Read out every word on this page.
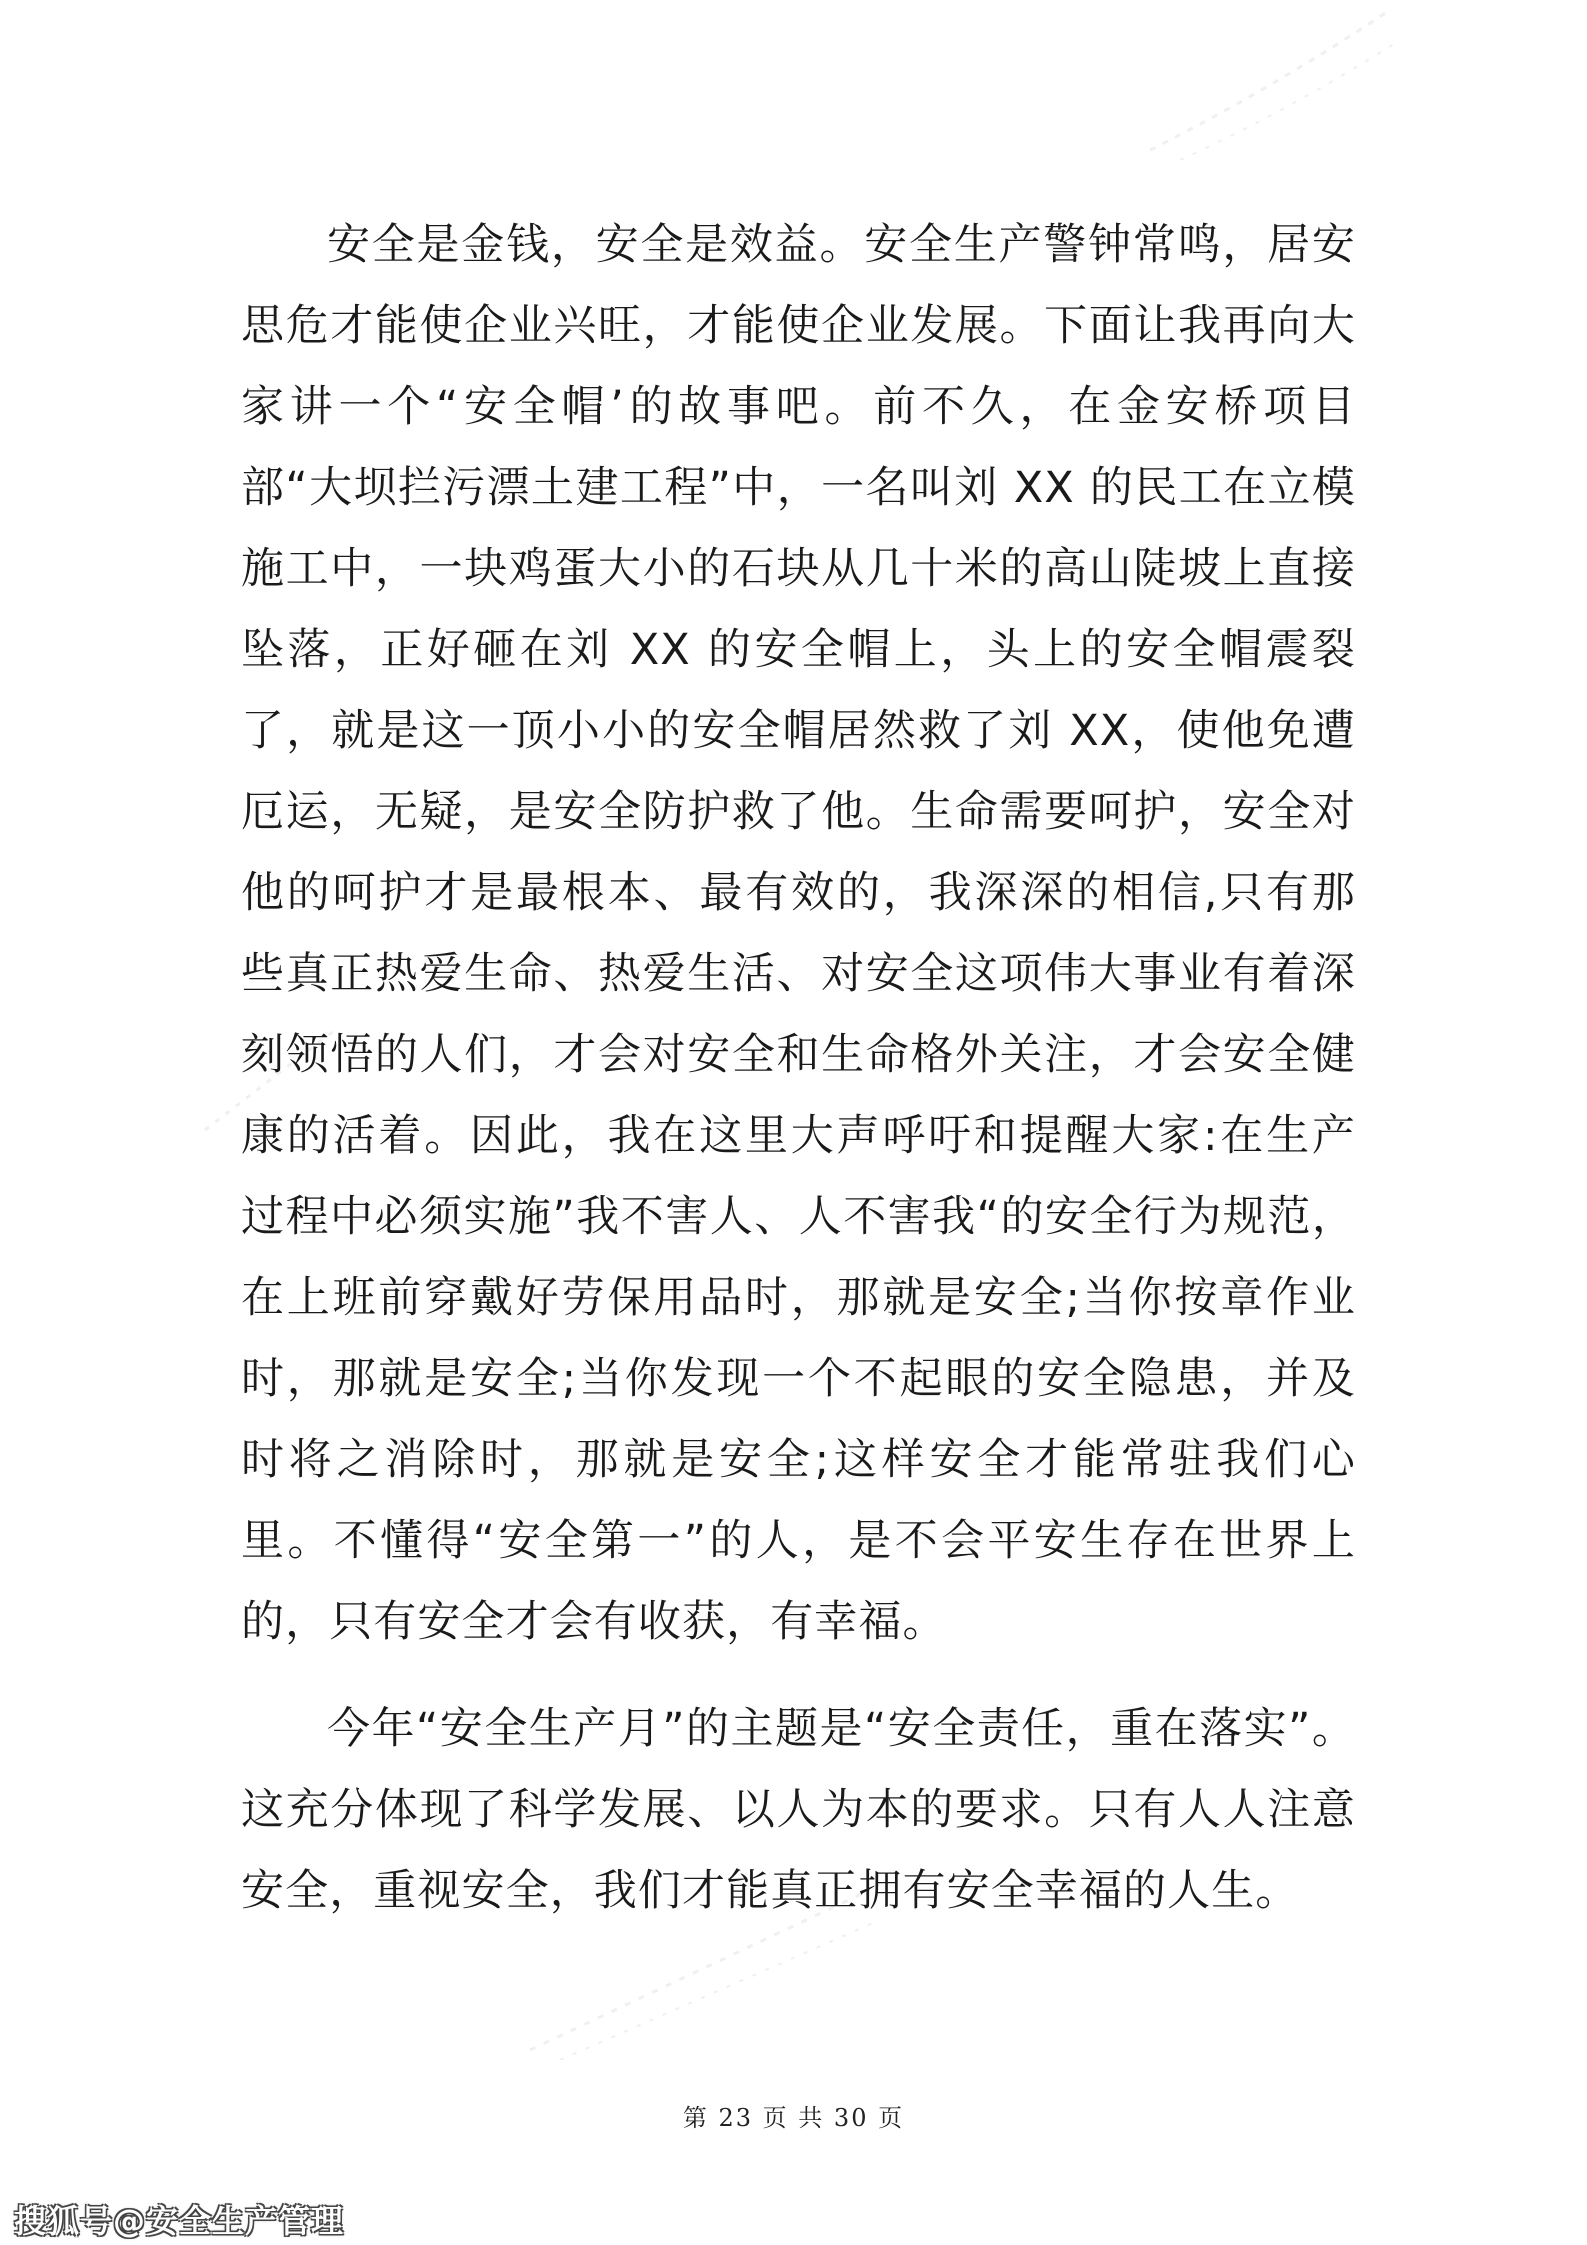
安全是金钱，安全是效益。安全生产警钟常鸣，居安思危才能使企业兴旺，才能使企业发展。下面让我再向大家讲一个“安全帽’的故事吧。前不久，在金安桥项目部“大坝拦污漂土建工程”中，一名叫刘 XX 的民工在立模施工中，一块鸡蛋大小的石块从几十米的高山陡坡上直接坠落，正好砸在刘 XX 的安全帽上，头上的安全帽震裂了，就是这一顶小小的安全帽居然救了刘 XX，使他免遭厄运，无疑，是安全防护救了他。生命需要呵护，安全对他的呵护才是最根本、最有效的，我深深的相信,只有那些真正热爱生命、热爱生活、对安全这项伟大事业有着深刻领悟的人们，才会对安全和生命格外关注，才会安全健康的活着。因此，我在这里大声呼吁和提醒大家:在生产过程中必须实施”我不害人、人不害我“的安全行为规范，在上班前穿戴好劳保用品时，那就是安全;当你按章作业时，那就是安全;当你发现一个不起眼的安全隐患，并及时将之消除时，那就是安全;这样安全才能常驻我们心里。不懂得“安全第一”的人，是不会平安生存在世界上的，只有安全才会有收获，有幸福。

今年“安全生产月”的主题是“安全责任，重在落实”。这充分体现了科学发展、以人为本的要求。只有人人注意安全，重视安全，我们才能真正拥有安全幸福的人生。

第 23 页 共 30 页
搜狐号@安全生产管理
